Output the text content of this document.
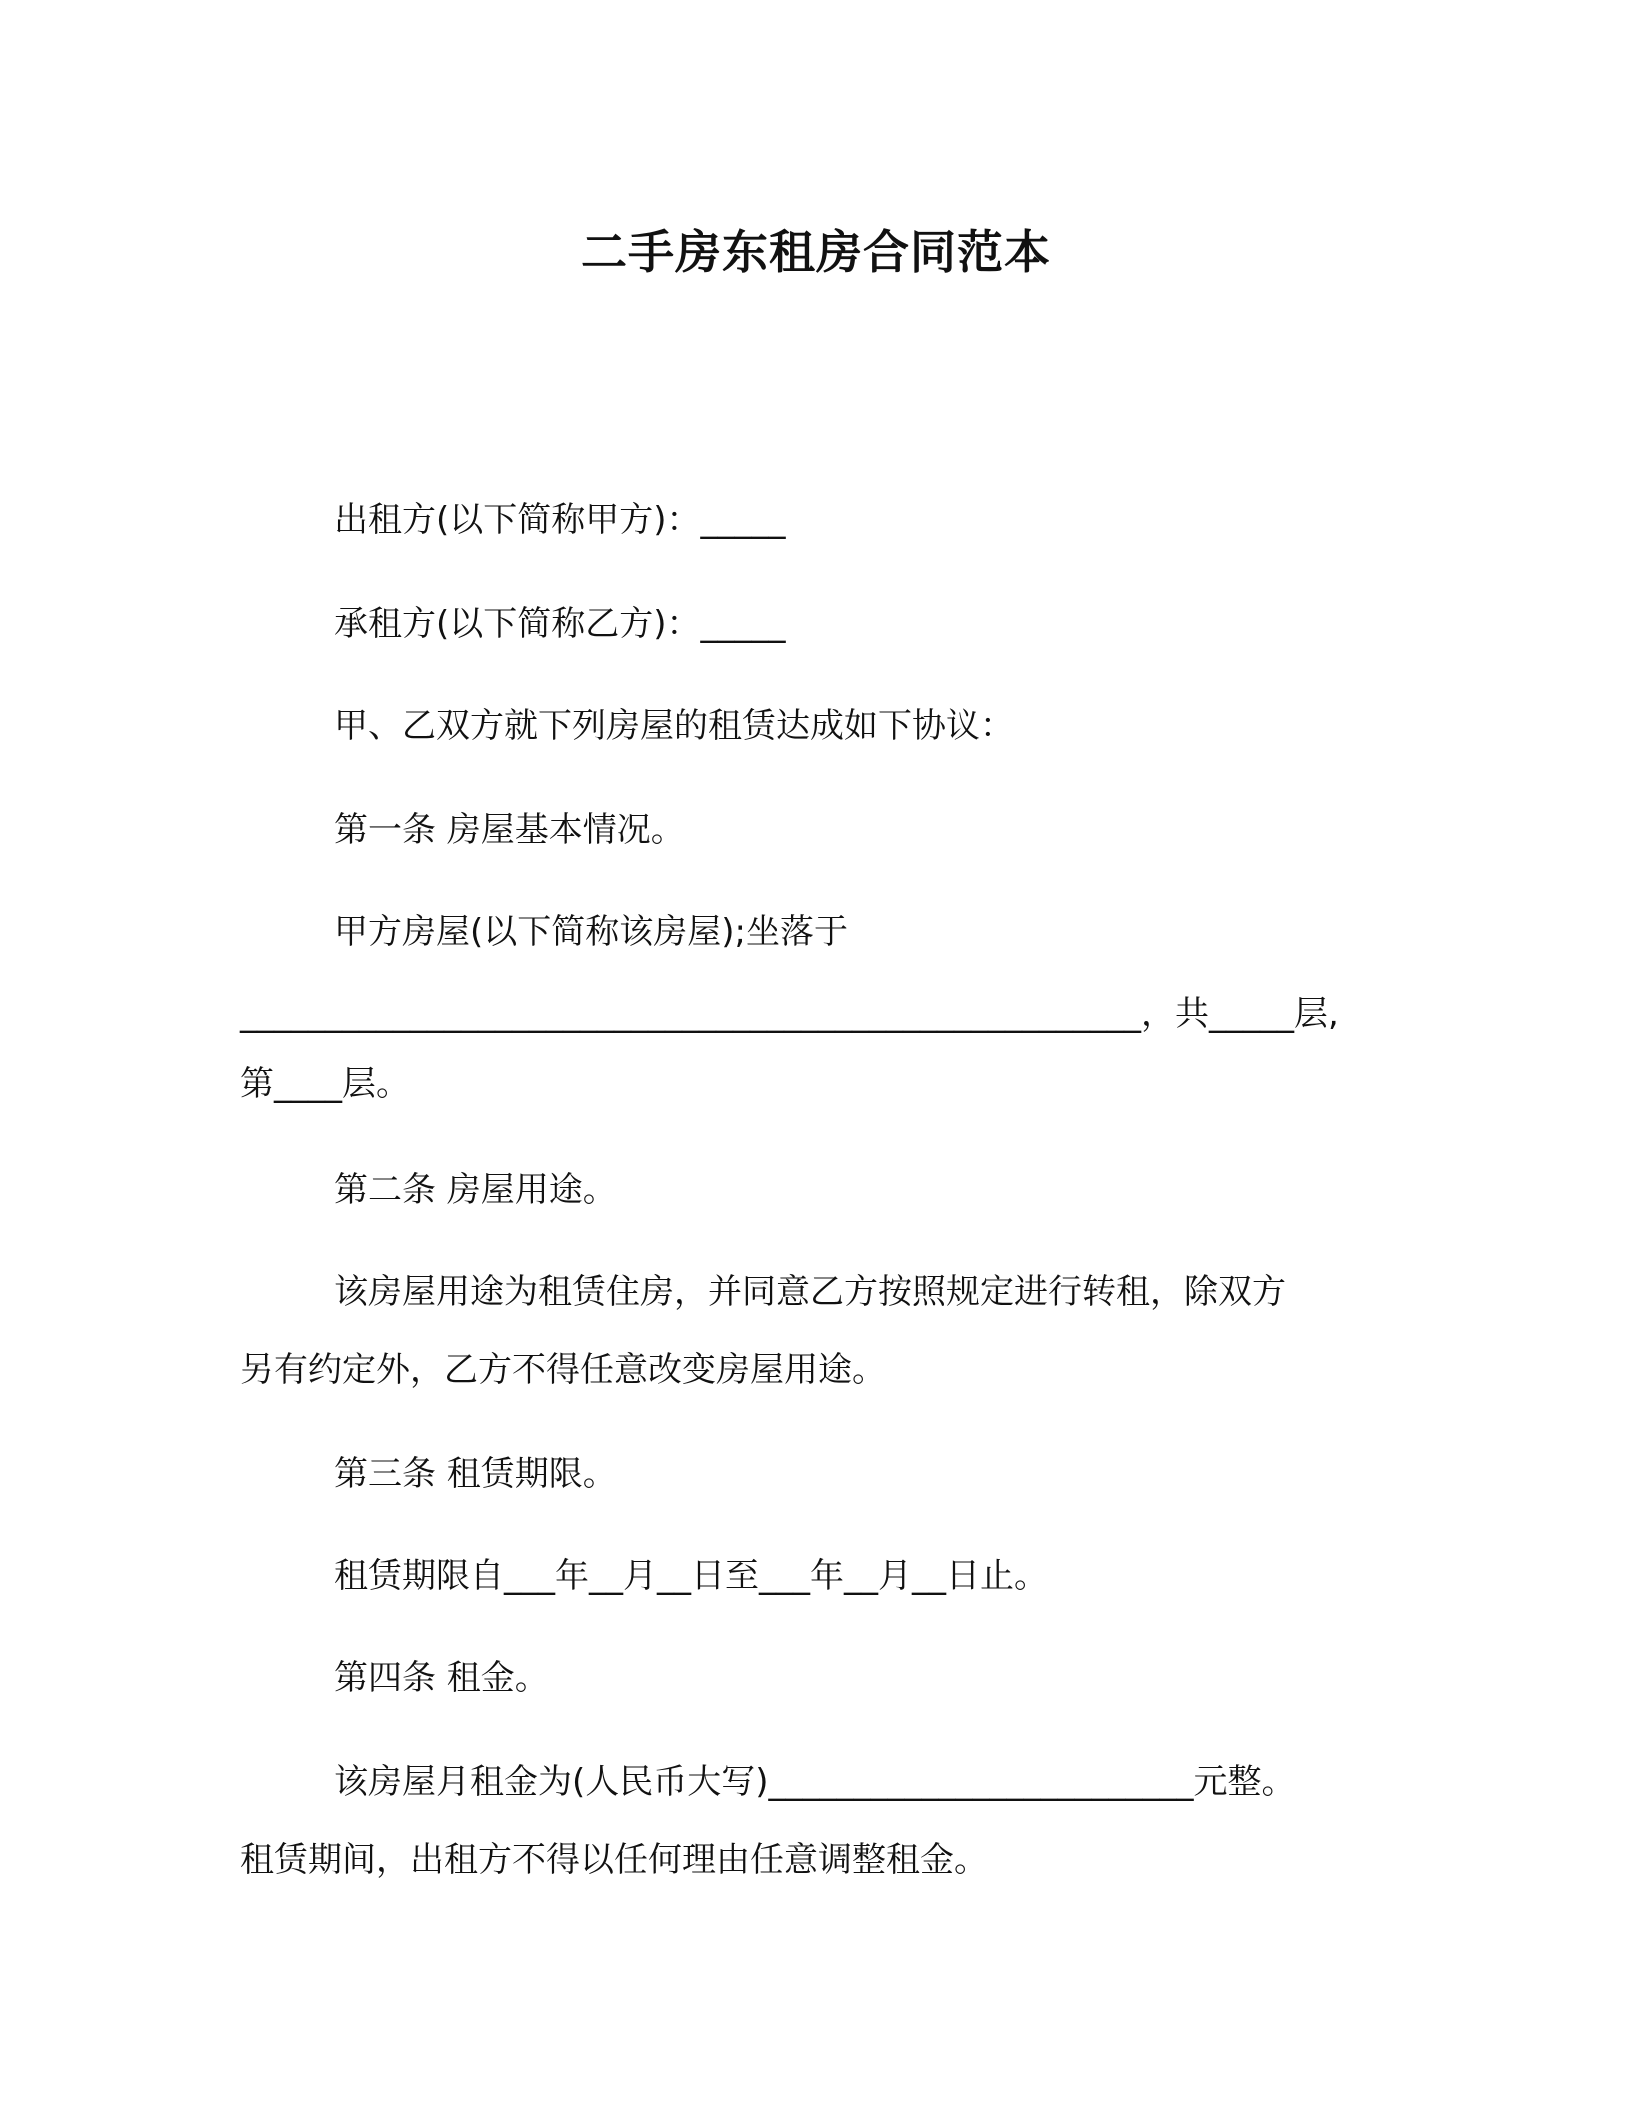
二手房东租房合同范本
出租方(以下简称甲方)：_____
承租方(以下简称乙方)：_____
甲、乙双方就下列房屋的租赁达成如下协议：
第一条 房屋基本情况。
甲方房屋(以下简称该房屋);坐落于
_____________________________________________________，共_____层,
第____层。
第二条 房屋用途。
该房屋用途为租赁住房，并同意乙方按照规定进行转租，除双方
另有约定外，乙方不得任意改变房屋用途。
第三条 租赁期限。
租赁期限自___年__月__日至___年__月__日止。
第四条 租金。
该房屋月租金为(人民币大写)_________________________元整。
租赁期间，出租方不得以任何理由任意调整租金。
